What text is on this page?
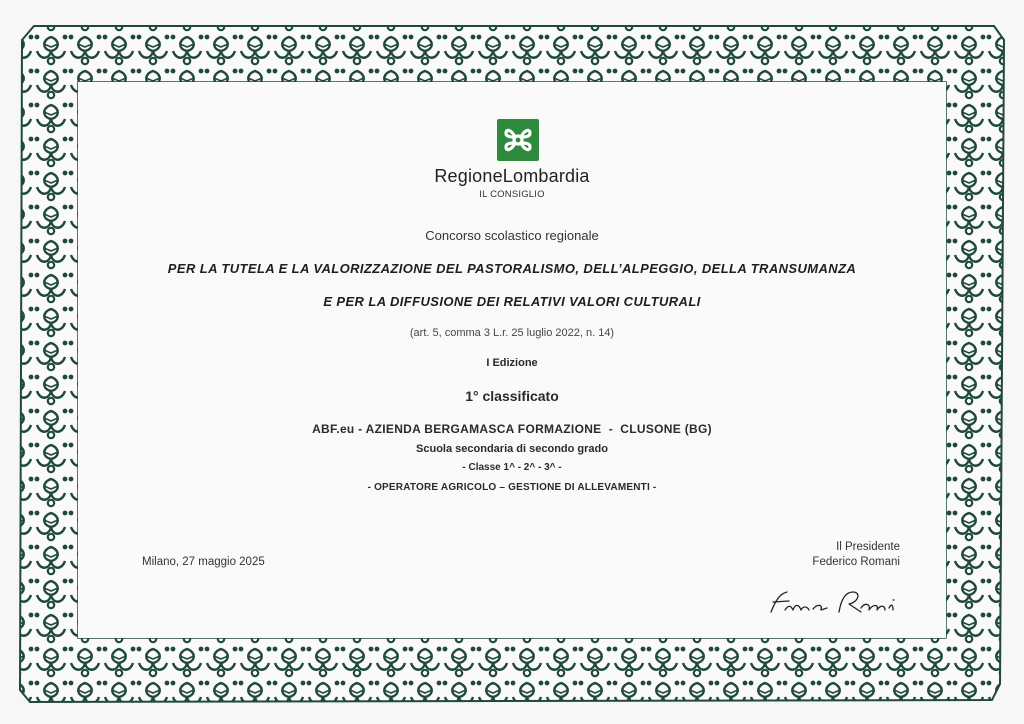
RegioneLombardia
IL CONSIGLIO
Concorso scolastico regionale
PER LA TUTELA E LA VALORIZZAZIONE DEL PASTORALISMO, DELL’ALPEGGIO, DELLA TRANSUMANZA
E PER LA DIFFUSIONE DEI RELATIVI VALORI CULTURALI
(art. 5, comma 3 L.r. 25 luglio 2022, n. 14)
I Edizione
1° classificato
ABF.eu - AZIENDA BERGAMASCA FORMAZIONE  -  CLUSONE (BG)
Scuola secondaria di secondo grado
- Classe 1^ - 2^ - 3^ -
- OPERATORE AGRICOLO – GESTIONE DI ALLEVAMENTI -
Milano, 27 maggio 2025
Il Presidente
Federico Romani
